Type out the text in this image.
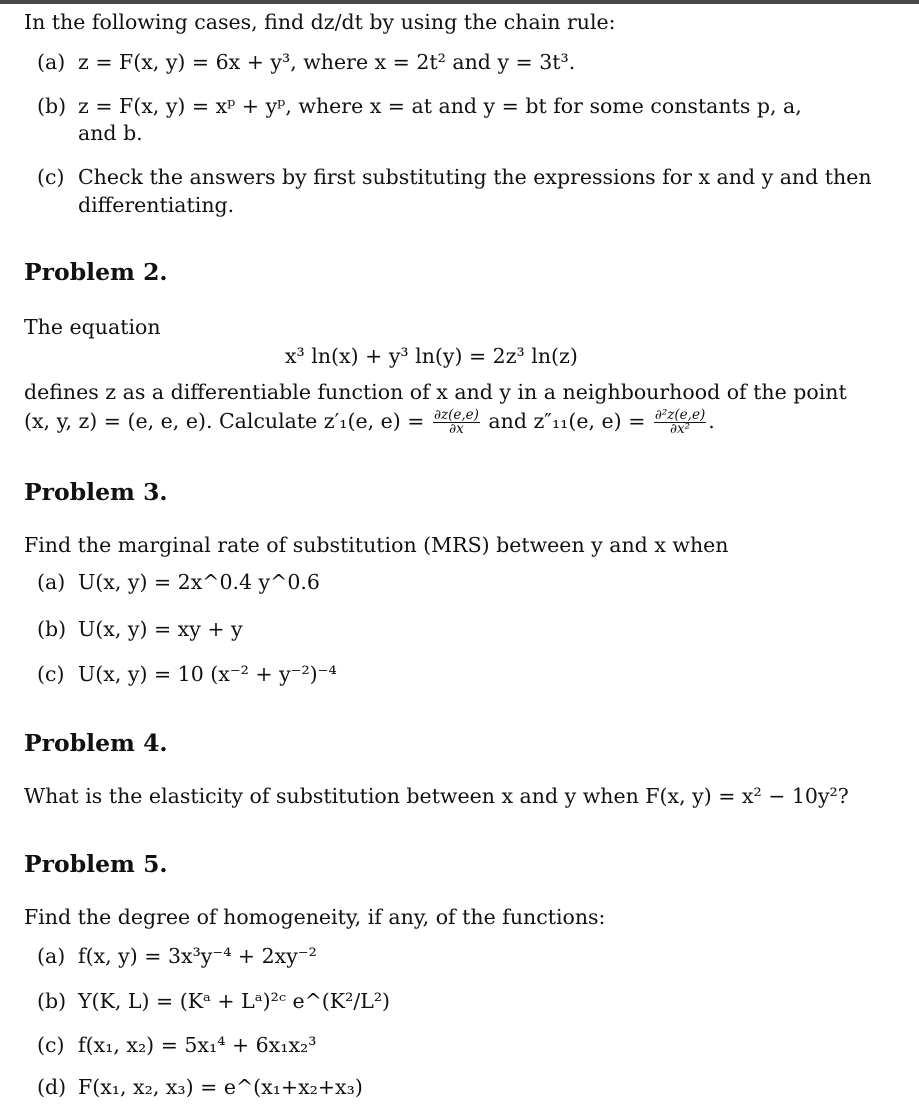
In the following cases, find dz/dt by using the chain rule:
(a) z = F(x, y) = 6x + y³, where x = 2t² and y = 3t³.
(b) z = F(x, y) = xᵖ + yᵖ, where x = at and y = bt for some constants p, a,
and b.
(c) Check the answers by first substituting the expressions for x and y and then
differentiating.
Problem 2.
The equation
x³ ln(x) + y³ ln(y) = 2z³ ln(z)
defines z as a differentiable function of x and y in a neighbourhood of the point
(x, y, z) = (e, e, e). Calculate z′₁(e, $e) = \frac{\partial z(e,e)}{\partial x}$ and z″₁₁(e, $e) = \frac{\text{∂²z(e,e)}}{\text{∂x²}}$ .
Problem 3.
Find the marginal rate of substitution (MRS) between y and x when
(a) U(x, y) = 2x^0.4 y^0.6
(b) U(x, y) = xy + y
(c) U(x, y) = 10 (x⁻² + y⁻²)⁻⁴
Problem 4.
What is the elasticity of substitution between x and y when F(x, y) = x² − 10y²?
Problem 5.
Find the degree of homogeneity, if any, of the functions:
(a) f(x, y) = 3x³y⁻⁴ + 2xy⁻²
(b) Y(K, L) = (Kᵃ + Lᵃ)²ᶜ e^(K²/L²)
(c) f(x₁, x₂) = 5x₁⁴ + 6x₁x₂³
(d) F(x₁, x₂, x₃) = e^(x₁+x₂+x₃)
